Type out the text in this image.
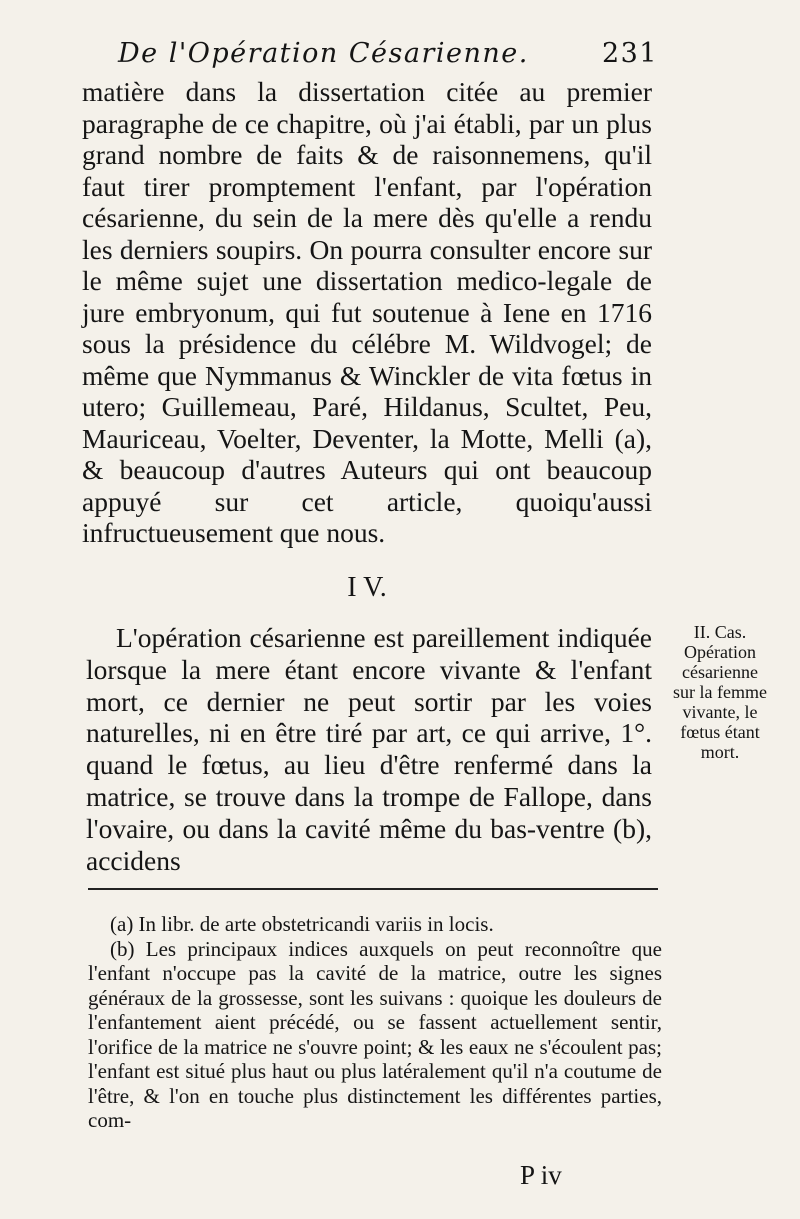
De l'Opération Césarienne.	231

matière dans la dissertation citée au premier paragraphe de ce chapitre, où j'ai établi, par un plus grand nombre de faits & de raisonnemens, qu'il faut tirer promptement l'enfant, par l'opération césarienne, du sein de la mere dès qu'elle a rendu les derniers soupirs. On pourra consulter encore sur le même sujet une dissertation medico-legale de jure embryonum, qui fut soutenue à Iene en 1716 sous la présidence du célébre M. Wildvogel; de même que Nymmanus & Winckler de vita fœtus in utero; Guillemeau, Paré, Hildanus, Scultet, Peu, Mauriceau, Voelter, Deventer, la Motte, Melli (a), & beaucoup d'autres Auteurs qui ont beaucoup appuyé sur cet article, quoiqu'aussi infructueusement que nous.

I V.
L'opération césarienne est pareillement indiquée lorsque la mere étant encore vivante & l'enfant mort, ce dernier ne peut sortir par les voies naturelles, ni en être tiré par art, ce qui arrive, 1°. quand le fœtus, au lieu d'être renfermé dans la matrice, se trouve dans la trompe de Fallope, dans l'ovaire, ou dans la cavité même du bas-ventre (b), accidens
II. Cas.
Opération
césarienne
sur la femme
vivante, le
fœtus étant
mort.

(a) In libr. de arte obstetricandi variis in locis.

(b) Les principaux indices auxquels on peut reconnoître que l'enfant n'occupe pas la cavité de la matrice, outre les signes généraux de la grossesse, sont les suivans : quoique les douleurs de l'enfantement aient précédé, ou se fassent actuellement sentir, l'orifice de la matrice ne s'ouvre point; & les eaux ne s'écoulent pas; l'enfant est situé plus haut ou plus latéralement qu'il n'a coutume de l'être, & l'on en touche plus distinctement les différentes parties, com-

P iv
